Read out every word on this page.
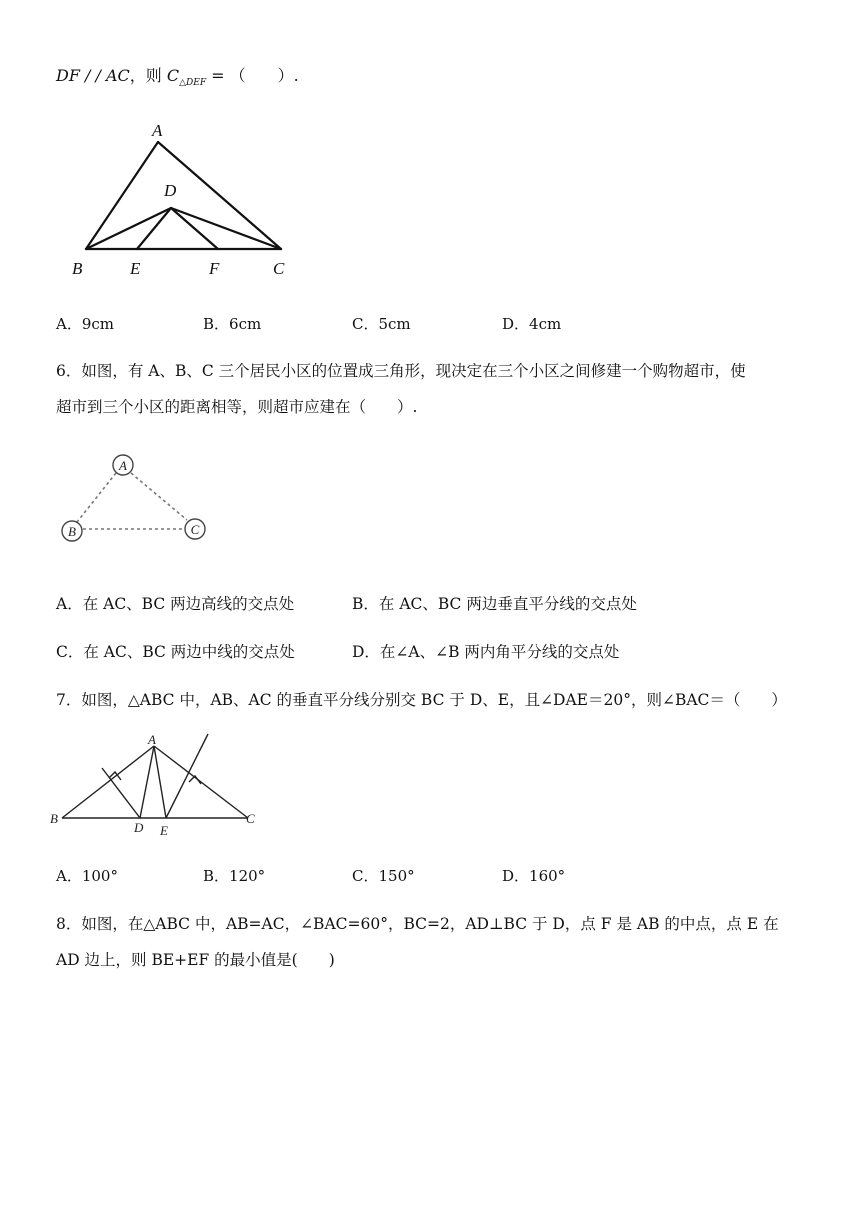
DF / / AC，则 $C_{\triangle DEF}$ = （　　）.
A
D
B	E	F	C
A．9cm	B．6cm	C．5cm	D．4cm
6．如图，有 A、B、C 三个居民小区的位置成三角形，现决定在三个小区之间修建一个购物超市，使
超市到三个小区的距离相等，则超市应建在（　　）.
A
B	C
A．在 AC、BC 两边高线的交点处	B．在 AC、BC 两边垂直平分线的交点处
C．在 AC、BC 两边中线的交点处	D．在∠A、∠B 两内角平分线的交点处
7．如图，△ABC 中，AB、AC 的垂直平分线分别交 BC 于 D、E，且∠DAE＝20°，则∠BAC＝（　　）
A
B
D E
C
A．100°	B．120°	C．150°	D．160°
8．如图，在△ABC 中，AB=AC，∠BAC=60°，BC=2，AD⊥BC 于 D，点 F 是 AB 的中点，点 E 在
AD 边上，则 BE+EF 的最小值是(　　)
